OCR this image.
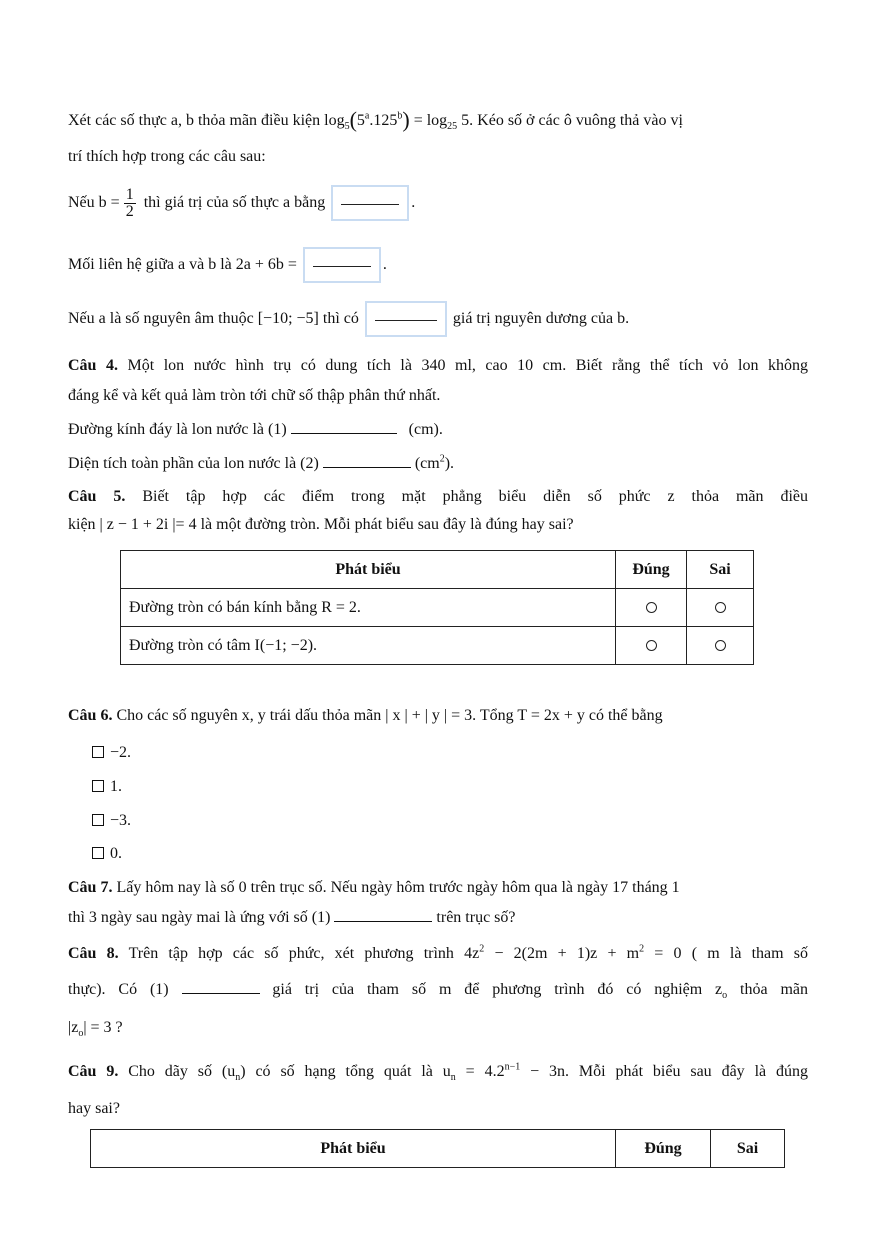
Xét các số thực a, b thỏa mãn điều kiện $\log_5(5^a.125^b) = \log_{25} 5$. Kéo số ở các ô vuông thả vào vị
trí thích hợp trong các câu sau:
Nếu $b = \frac{1}{2}$ thì giá trị của số thực a bằng	.
Mối liên hệ giữa a và b là 2a + 6b =	.
Nếu a là số nguyên âm thuộc [−10; −5] thì có	giá trị nguyên dương của b.
Câu 4. Một lon nước hình trụ có dung tích là 340 ml, cao 10 cm. Biết rằng thể tích vỏ lon không
đáng kể và kết quả làm tròn tới chữ số thập phân thứ nhất.
Đường kính đáy là lon nước là (1)	(cm).
Diện tích toàn phần của lon nước là (2)	$(cm^2)$.
Câu 5. Biết tập hợp các điểm trong mặt phẳng biểu diễn số phức z thỏa mãn điều
kiện | z − 1 + 2i |= 4 là một đường tròn. Mỗi phát biểu sau đây là đúng hay sai?
Phát biểu	Đúng	Sai
Đường tròn có bán kính bằng R = 2.		
Đường tròn có tâm I(−1; −2).		
Câu 6. Cho các số nguyên x, y trái dấu thỏa mãn | x | + | y | = 3. Tổng T = 2x + y có thể bằng
−2.
1.
−3.
0.
Câu 7. Lấy hôm nay là số 0 trên trục số. Nếu ngày hôm trước ngày hôm qua là ngày 17 tháng 1
thì 3 ngày sau ngày mai là ứng với số (1)	trên trục số?
Câu 8. Trên tập hợp các số phức, xét phương trình $4z^2 - 2(2m + 1)z + m^2 = 0$ ( m là tham số
thực). Có (1)	giá trị của tham số m để phương trình đó có nghiệm $z_o$ thỏa mãn
$|z_o| = 3$ ?
Câu 9. Cho dãy số $(u_n)$ có số hạng tổng quát là $u_n = 4.2^{n-1} - 3n$. Mỗi phát biểu sau đây là đúng
hay sai?
Phát biểu	Đúng	Sai
